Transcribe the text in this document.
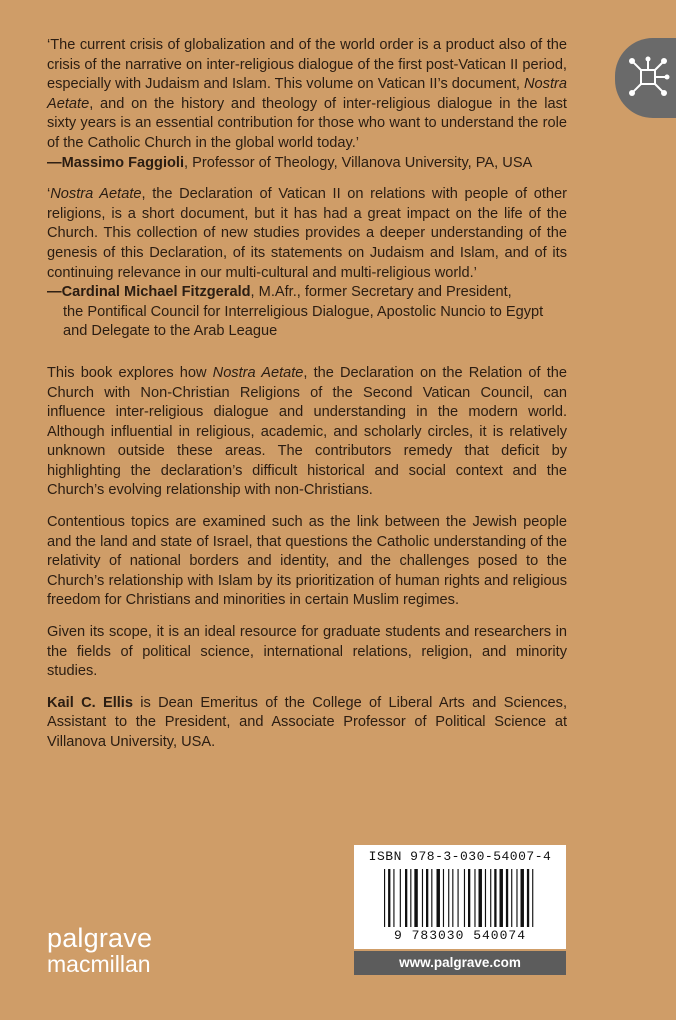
‘The current crisis of globalization and of the world order is a product also of the crisis of the narrative on inter-religious dialogue of the first post-Vatican II period, especially with Judaism and Islam. This volume on Vatican II’s document, Nostra Aetate, and on the history and theology of inter-religious dialogue in the last sixty years is an essential contribution for those who want to understand the role of the Catholic Church in the global world today.’
—Massimo Faggioli, Professor of Theology, Villanova University, PA, USA

‘Nostra Aetate, the Declaration of Vatican II on relations with people of other religions, is a short document, but it has had a great impact on the life of the Church. This collection of new studies provides a deeper understanding of the genesis of this Declaration, of its statements on Judaism and Islam, and of its continuing relevance in our multi-cultural and multi-religious world.’

—Cardinal Michael Fitzgerald, M.Afr., former Secretary and President,
the Pontifical Council for Interreligious Dialogue, Apostolic Nuncio to Egypt and Delegate to the Arab League

This book explores how Nostra Aetate, the Declaration on the Relation of the Church with Non-Christian Religions of the Second Vatican Council, can influence inter-religious dialogue and understanding in the modern world. Although influential in religious, academic, and scholarly circles, it is relatively unknown outside these areas. The contributors remedy that deficit by highlighting the declaration’s difficult historical and social context and the Church’s evolving relationship with non-Christians.

Contentious topics are examined such as the link between the Jewish people and the land and state of Israel, that questions the Catholic understanding of the relativity of national borders and identity, and the challenges posed to the Church’s relationship with Islam by its prioritization of human rights and religious freedom for Christians and minorities in certain Muslim regimes.

Given its scope, it is an ideal resource for graduate students and researchers in the fields of political science, international relations, religion, and minority studies.

Kail C. Ellis is Dean Emeritus of the College of Liberal Arts and Sciences, Assistant to the President, and Associate Professor of Political Science at Villanova University, USA.

ISBN 978-3-030-54007-4
9 783030 540074
www.palgrave.com
palgrave
macmillan
